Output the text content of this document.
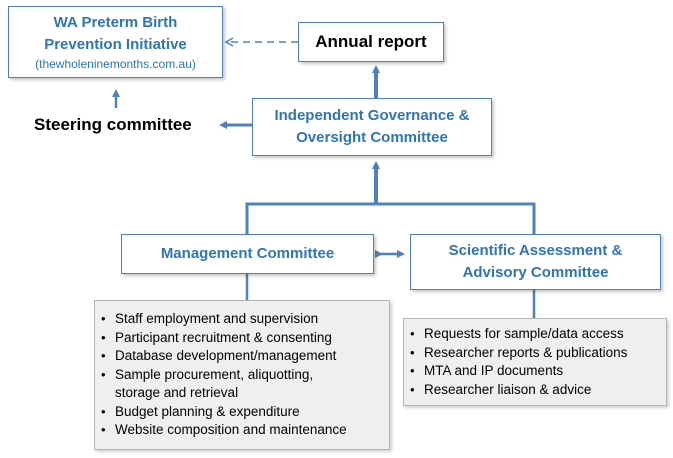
WA Preterm Birth
Prevention Initiative
(thewholeninemonths.com.au)
Annual report
Steering committee	Independent Governance &
Oversight Committee
Management Committee	Scientific Assessment &
Advisory Committee
• Staff employment and supervision
• Participant recruitment & consenting
• Database development/management
• Sample procurement, aliquotting,
storage and retrieval
• Budget planning & expenditure
• Website composition and maintenance
• Requests for sample/data access
• Researcher reports & publications
• MTA and IP documents
• Researcher liaison & advice
